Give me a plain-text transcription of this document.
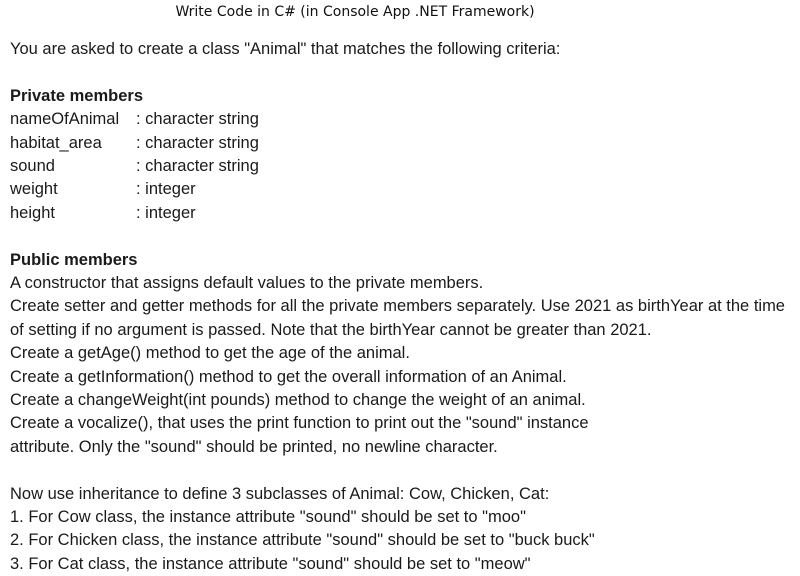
Write Code in C# (in Console App .NET Framework)
You are asked to create a class "Animal" that matches the following criteria:
Private members
nameOfAnimal	: character string
habitat_area	: character string
sound	: character string
weight	: integer
height	: integer
Public members
A constructor that assigns default values to the private members.
Create setter and getter methods for all the private members separately. Use 2021 as birthYear at the time of setting if no argument is passed. Note that the birthYear cannot be greater than 2021.
Create a getAge() method to get the age of the animal.
Create a getInformation() method to get the overall information of an Animal.
Create a changeWeight(int pounds) method to change the weight of an animal.
Create a vocalize(), that uses the print function to print out the "sound" instance
attribute. Only the "sound" should be printed, no newline character.
Now use inheritance to define 3 subclasses of Animal: Cow, Chicken, Cat:
1. For Cow class, the instance attribute "sound" should be set to "moo"
2. For Chicken class, the instance attribute "sound" should be set to "buck buck"
3. For Cat class, the instance attribute "sound" should be set to "meow"
